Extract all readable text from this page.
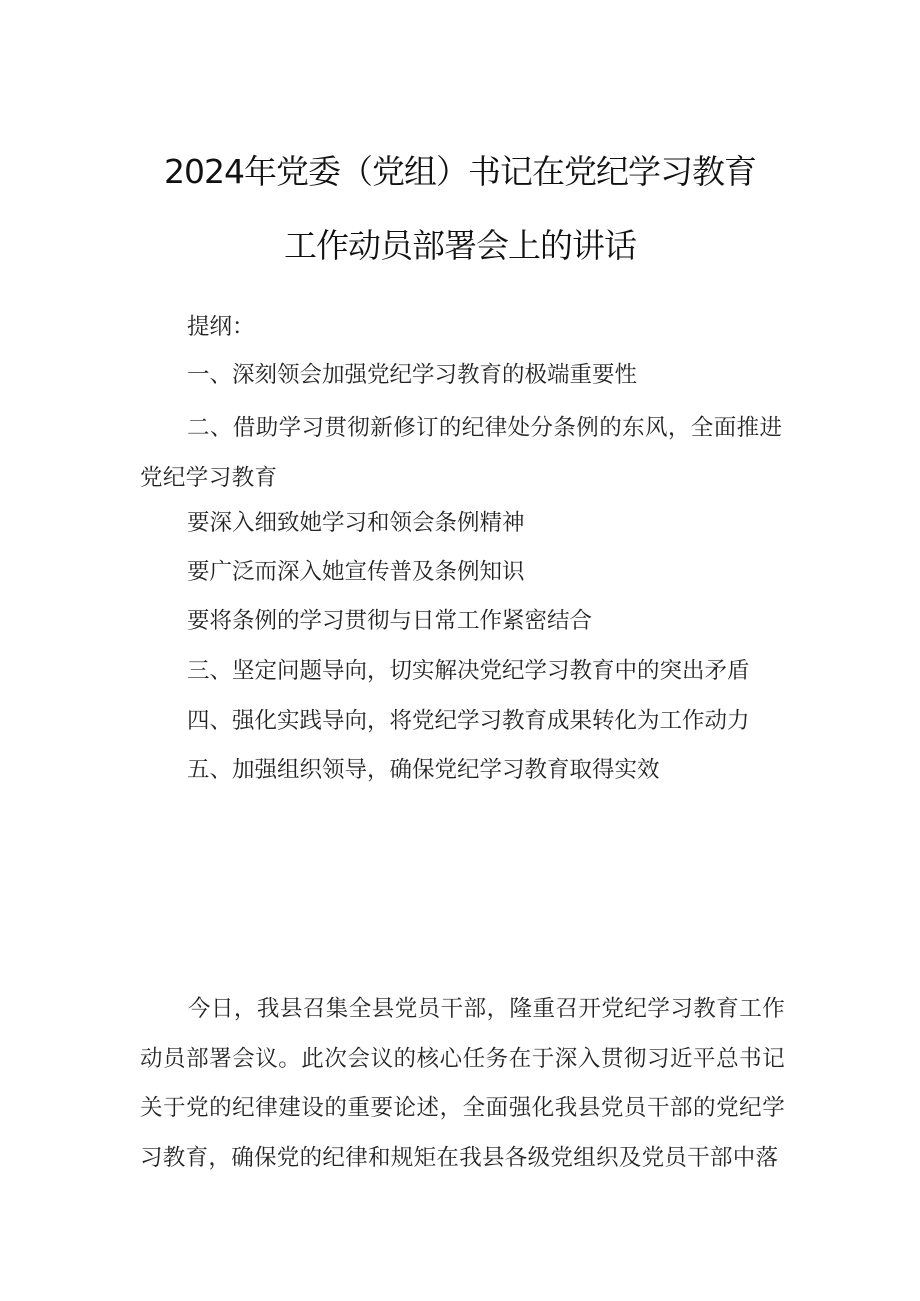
2024年党委（党组）书记在党纪学习教育
工作动员部署会上的讲话
提纲：
一、深刻领会加强党纪学习教育的极端重要性
二、借助学习贯彻新修订的纪律处分条例的东风，全面推进党纪学习教育
要深入细致她学习和领会条例精神
要广泛而深入她宣传普及条例知识
要将条例的学习贯彻与日常工作紧密结合
三、坚定问题导向，切实解决党纪学习教育中的突出矛盾
四、强化实践导向，将党纪学习教育成果转化为工作动力
五、加强组织领导，确保党纪学习教育取得实效
今日，我县召集全县党员干部，隆重召开党纪学习教育工作动员部署会议。此次会议的核心任务在于深入贯彻习近平总书记关于党的纪律建设的重要论述，全面强化我县党员干部的党纪学习教育，确保党的纪律和规矩在我县各级党组织及党员干部中落
